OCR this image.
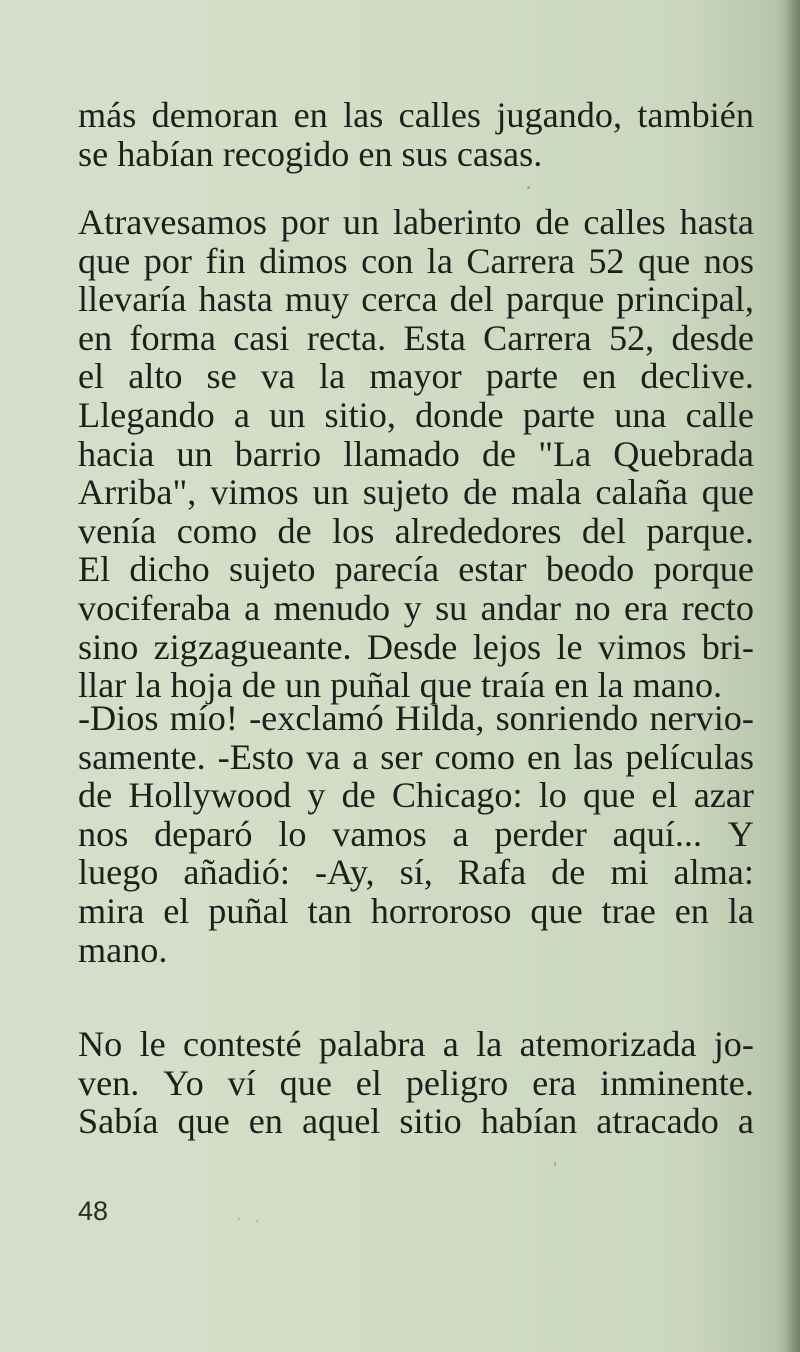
más demoran en las calles jugando, también
se habían recogido en sus casas.
Atravesamos por un laberinto de calles hasta
que por fin dimos con la Carrera 52 que nos
llevaría hasta muy cerca del parque principal,
en forma casi recta. Esta Carrera 52, desde
el alto se va la mayor parte en declive.
Llegando a un sitio, donde parte una calle
hacia un barrio llamado de "La Quebrada
Arriba", vimos un sujeto de mala calaña que
venía como de los alrededores del parque.
El dicho sujeto parecía estar beodo porque
vociferaba a menudo y su andar no era recto
sino zigzagueante. Desde lejos le vimos bri-
llar la hoja de un puñal que traía en la mano.
-Dios mío! -exclamó Hilda, sonriendo nervio-
samente. -Esto va a ser como en las películas
de Hollywood y de Chicago: lo que el azar
nos deparó lo vamos a perder aquí... Y
luego añadió: -Ay, sí, Rafa de mi alma:
mira el puñal tan horroroso que trae en la
mano.
No le contesté palabra a la atemorizada jo-
ven. Yo ví que el peligro era inminente.
Sabía que en aquel sitio habían atracado a
48
